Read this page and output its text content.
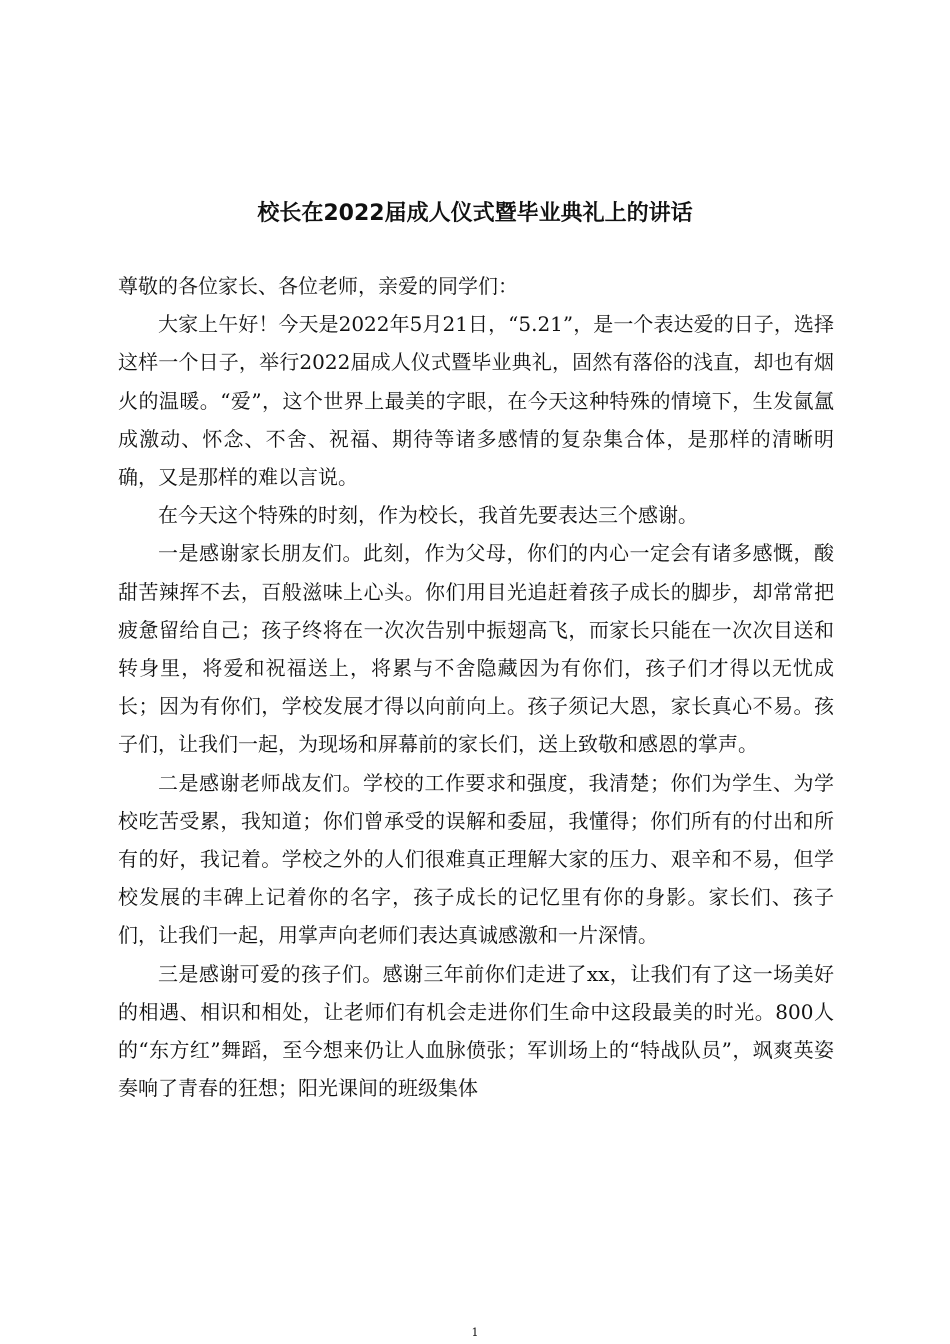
校长在2022届成人仪式暨毕业典礼上的讲话

尊敬的各位家长、各位老师，亲爱的同学们：

大家上午好！今天是2022年5月21日，“5.21”，是一个表达爱的日子，选择这样一个日子，举行2022届成人仪式暨毕业典礼，固然有落俗的浅直，却也有烟火的温暖。“爱”，这个世界上最美的字眼，在今天这种特殊的情境下，生发氤氲成激动、怀念、不舍、祝福、期待等诸多感情的复杂集合体，是那样的清晰明确，又是那样的难以言说。

在今天这个特殊的时刻，作为校长，我首先要表达三个感谢。

一是感谢家长朋友们。此刻，作为父母，你们的内心一定会有诸多感慨，酸甜苦辣挥不去，百般滋味上心头。你们用目光追赶着孩子成长的脚步，却常常把疲惫留给自己；孩子终将在一次次告别中振翅高飞，而家长只能在一次次目送和转身里，将爱和祝福送上，将累与不舍隐藏因为有你们，孩子们才得以无忧成长；因为有你们，学校发展才得以向前向上。孩子须记大恩，家长真心不易。孩子们，让我们一起，为现场和屏幕前的家长们，送上致敬和感恩的掌声。

二是感谢老师战友们。学校的工作要求和强度，我清楚；你们为学生、为学校吃苦受累，我知道；你们曾承受的误解和委屈，我懂得；你们所有的付出和所有的好，我记着。学校之外的人们很难真正理解大家的压力、艰辛和不易，但学校发展的丰碑上记着你的名字，孩子成长的记忆里有你的身影。家长们、孩子们，让我们一起，用掌声向老师们表达真诚感激和一片深情。

三是感谢可爱的孩子们。感谢三年前你们走进了xx，让我们有了这一场美好的相遇、相识和相处，让老师们有机会走进你们生命中这段最美的时光。800人的“东方红”舞蹈，至今想来仍让人血脉偾张；军训场上的“特战队员”，飒爽英姿奏响了青春的狂想；阳光课间的班级集体

1
